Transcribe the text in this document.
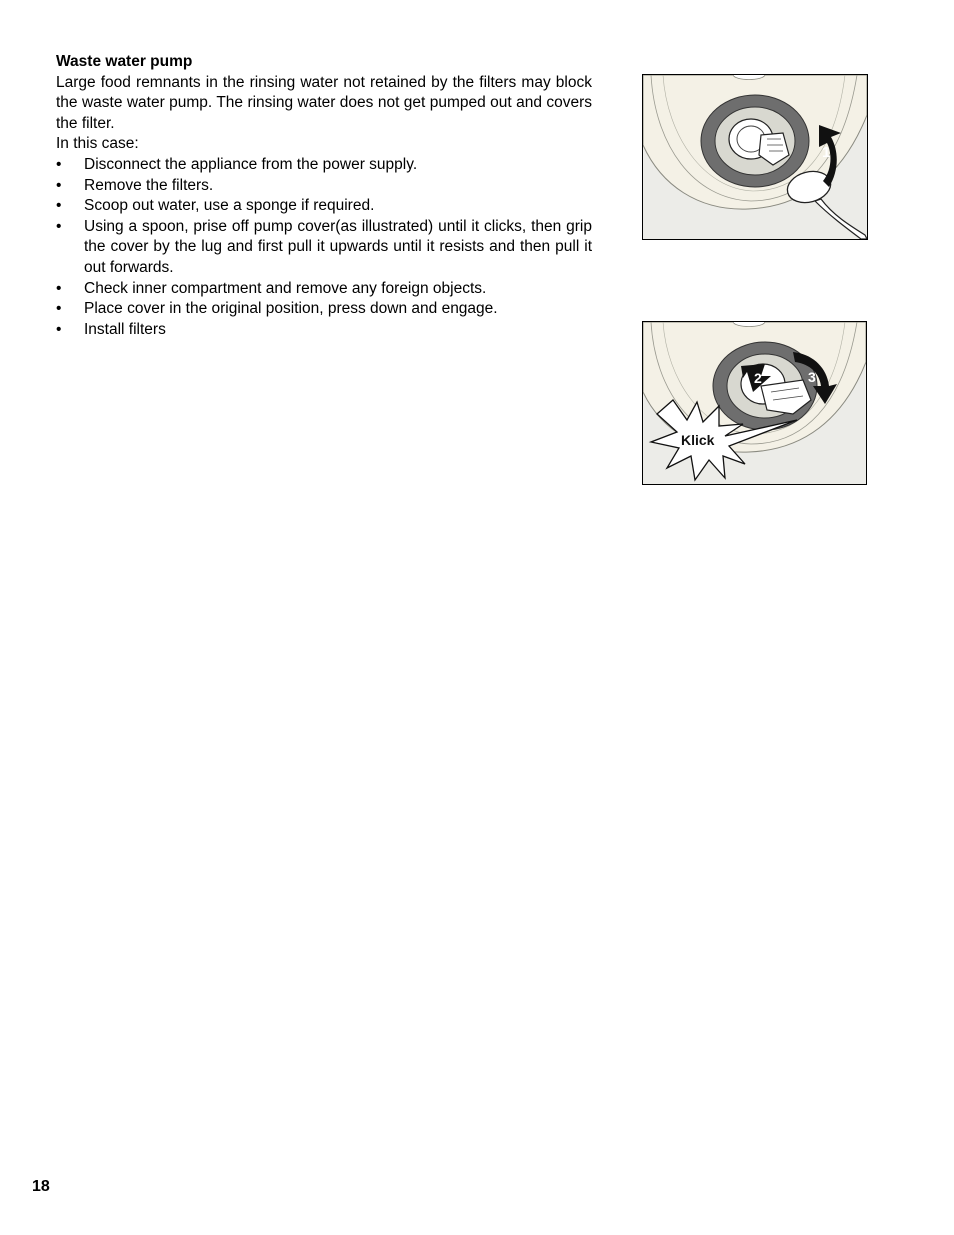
Waste water pump

Large food remnants in the rinsing water not retained by the filters may block the waste water pump. The rinsing water does not get pumped out and covers the filter.

In this case:

• Disconnect the appliance from the power supply.
• Remove the filters.
• Scoop out water, use a sponge if required.
• Using a spoon, prise off pump cover(as illustrated) until it clicks, then grip the cover by the lug and first pull it upwards until it resists and then pull it out forwards.
• Check inner compartment and remove any foreign objects.
• Place cover in the original position, press down and engage.
• Install filters
1
2	3
Klick
18
